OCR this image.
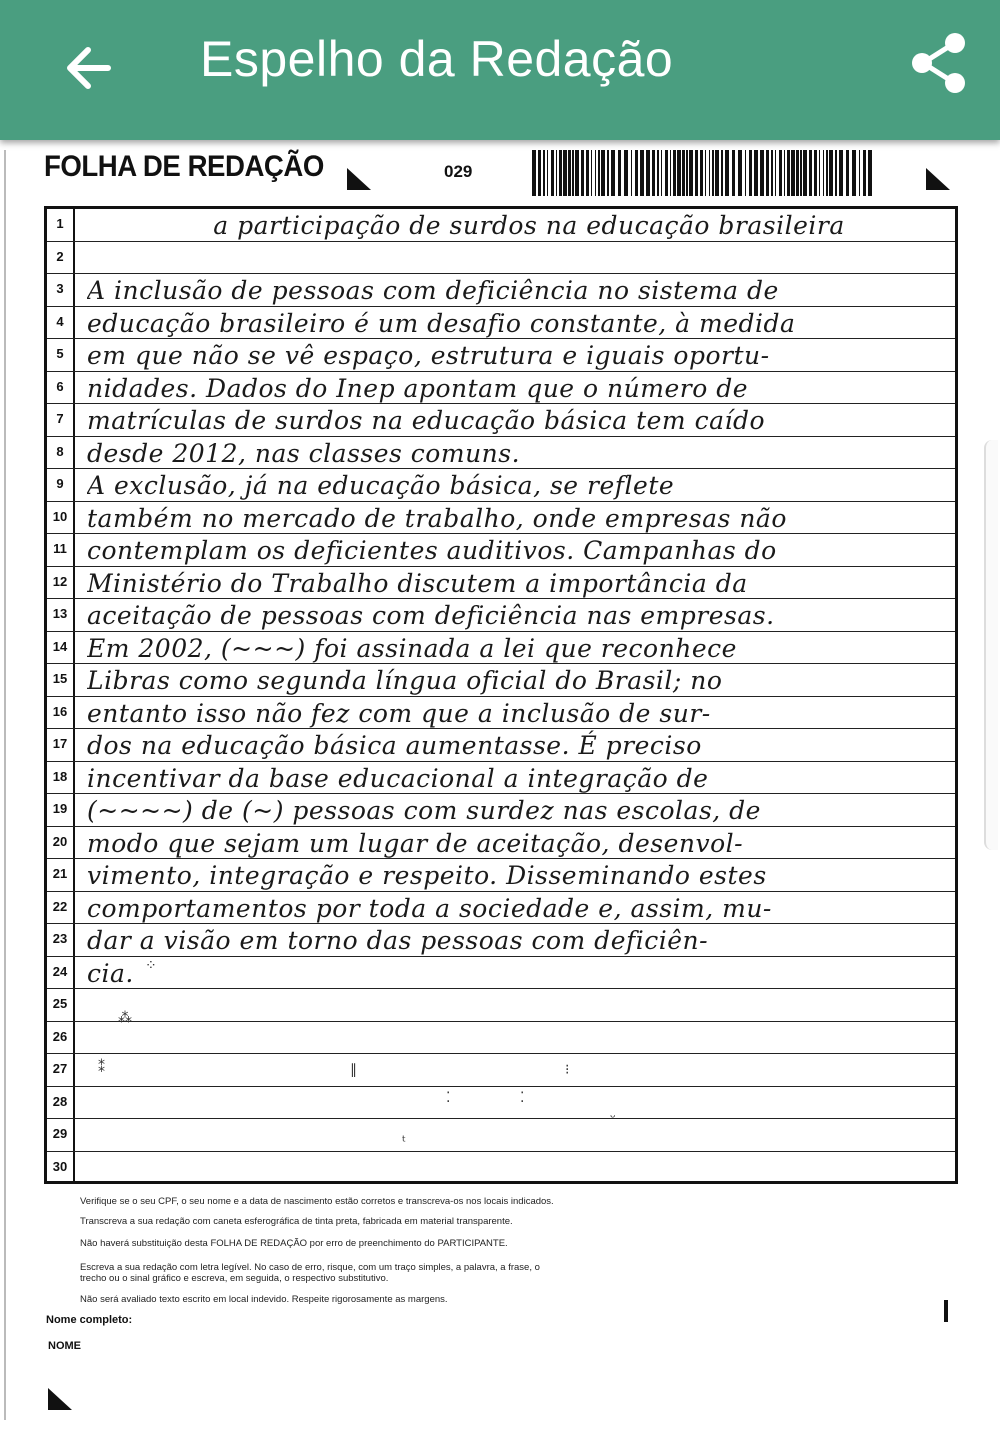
Espelho da Redação
FOLHA DE REDAÇÃO	029
1	a participação de surdos na educação brasileira
2
3 A inclusão de pessoas com deficiência no sistema de
4 educação brasileiro é um desafio constante, à medida
5 em que não se vê espaço, estrutura e iguais oportu-
6 nidades. Dados do Inep apontam que o número de
7 matrículas de surdos na educação básica tem caído
8 desde 2012, nas classes comuns.
9 A exclusão, já na educação básica, se reflete
10 também no mercado de trabalho, onde empresas não
11 contemplam os deficientes auditivos. Campanhas do
12 Ministério do Trabalho discutem a importância da
13 aceitação de pessoas com deficiência nas empresas.
14 Em 2002, (~~~) foi assinada a lei que reconhece
15 Libras como segunda língua oficial do Brasil; no
16 entanto isso não fez com que a inclusão de sur-
17 dos na educação básica aumentasse. É preciso
18 incentivar da base educacional a integração de
19 (~~~~) de (~) pessoas com surdez nas escolas, de
20 modo que sejam um lugar de aceitação, desenvol-
21 vimento, integração e respeito. Disseminando estes
22 comportamentos por toda a sociedade e, assim, mu-
23 dar a visão em torno das pessoas com deficiên-
24 cia.
25
26
27
28
29
30
⁘
⁂
⁑	∥	⁝
⁚	⁚
ᵕ
ᵗ
Verifique se o seu CPF, o seu nome e a data de nascimento estão corretos e transcreva-os nos locais indicados.
Transcreva a sua redação com caneta esferográfica de tinta preta, fabricada em material transparente.
Não haverá substituição desta FOLHA DE REDAÇÃO por erro de preenchimento do PARTICIPANTE.
Escreva a sua redação com letra legível. No caso de erro, risque, com um traço simples, a palavra, a frase, o trecho ou o sinal gráfico e escreva, em seguida, o respectivo substitutivo.
Não será avaliado texto escrito em local indevido. Respeite rigorosamente as margens.
Nome completo:
NOME
